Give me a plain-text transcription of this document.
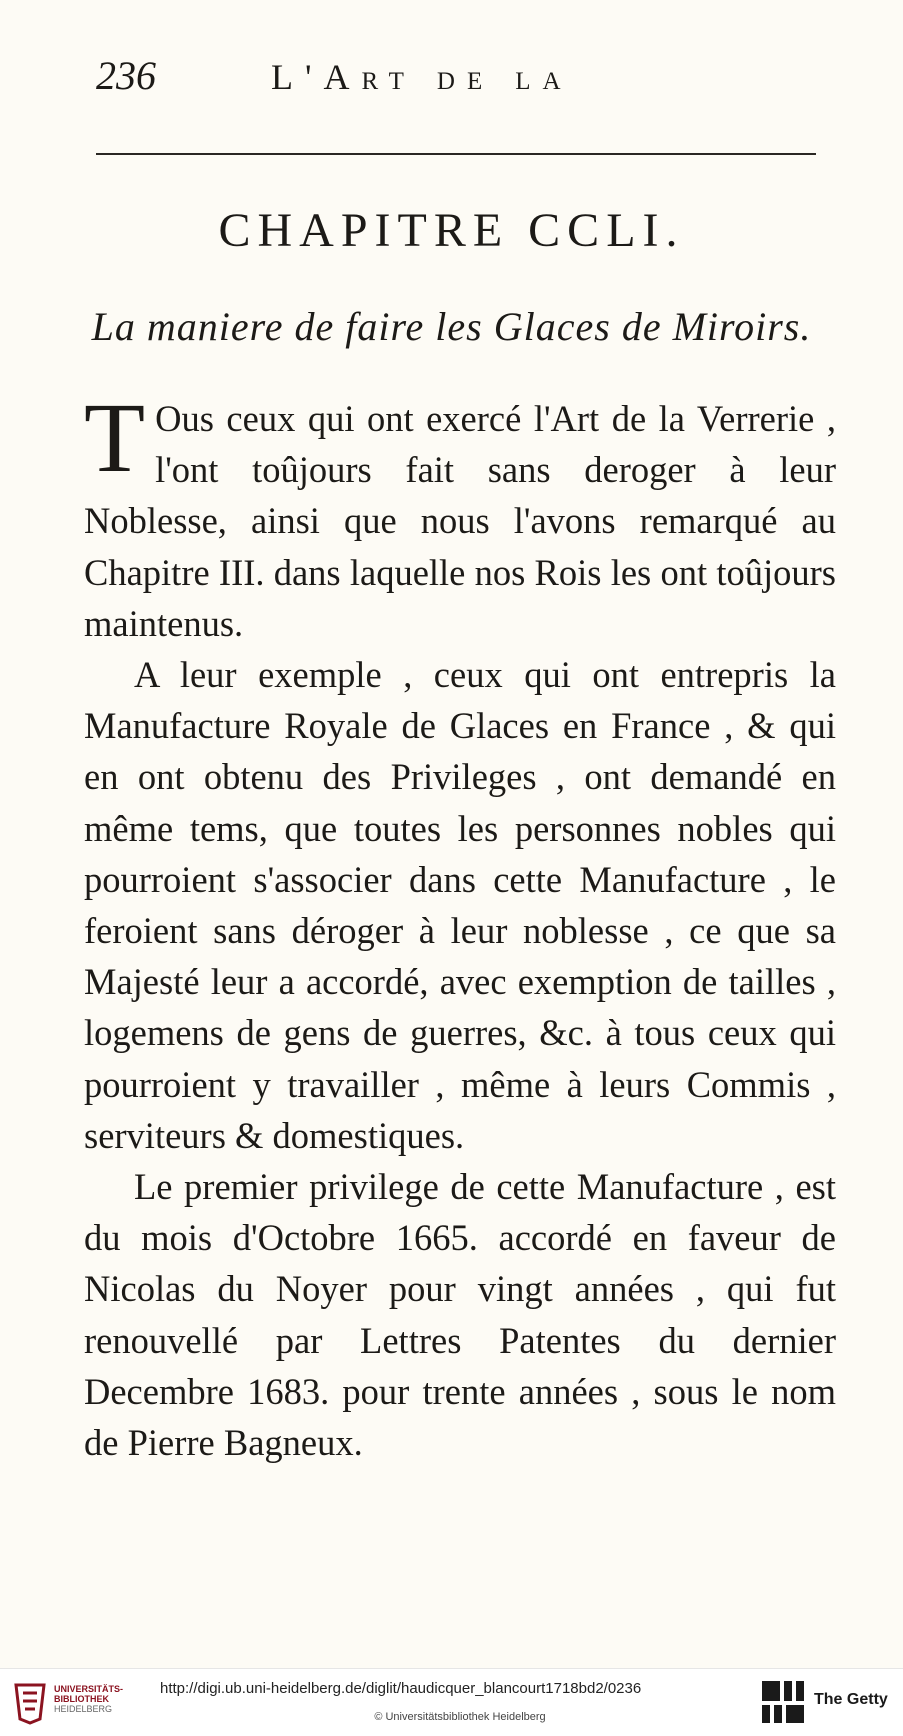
236	L'Art de la
CHAPITRE CCLI.
La maniere de faire les Glaces de Miroirs.

T Ous ceux qui ont exercé l'Art de la Verrerie , l'ont toûjours fait sans deroger à leur Noblesse, ainsi que nous l'avons remarqué au Chapitre III. dans laquelle nos Rois les ont toûjours maintenus.

A leur exemple , ceux qui ont entrepris la Manufacture Royale de Glaces en France , & qui en ont obtenu des Privileges , ont demandé en même tems, que toutes les personnes nobles qui pourroient s'associer dans cette Manufacture , le feroient sans déroger à leur noblesse , ce que sa Majesté leur a accordé, avec exemption de tailles , logemens de gens de guerres, &c. à tous ceux qui pourroient y travailler , même à leurs Commis , serviteurs & domestiques.

Le premier privilege de cette Manufacture , est du mois d'Octobre 1665. accordé en faveur de Nicolas du Noyer pour vingt années , qui fut renouvellé par Lettres Patentes du dernier Decembre 1683. pour trente années , sous le nom de Pierre Bagneux.

UNIVERSITÄTS-
BIBLIOTHEK
HEIDELBERG
http://digi.ub.uni-heidelberg.de/diglit/haudicquer_blancourt1718bd2/0236
© Universitätsbibliothek Heidelberg
The Getty
